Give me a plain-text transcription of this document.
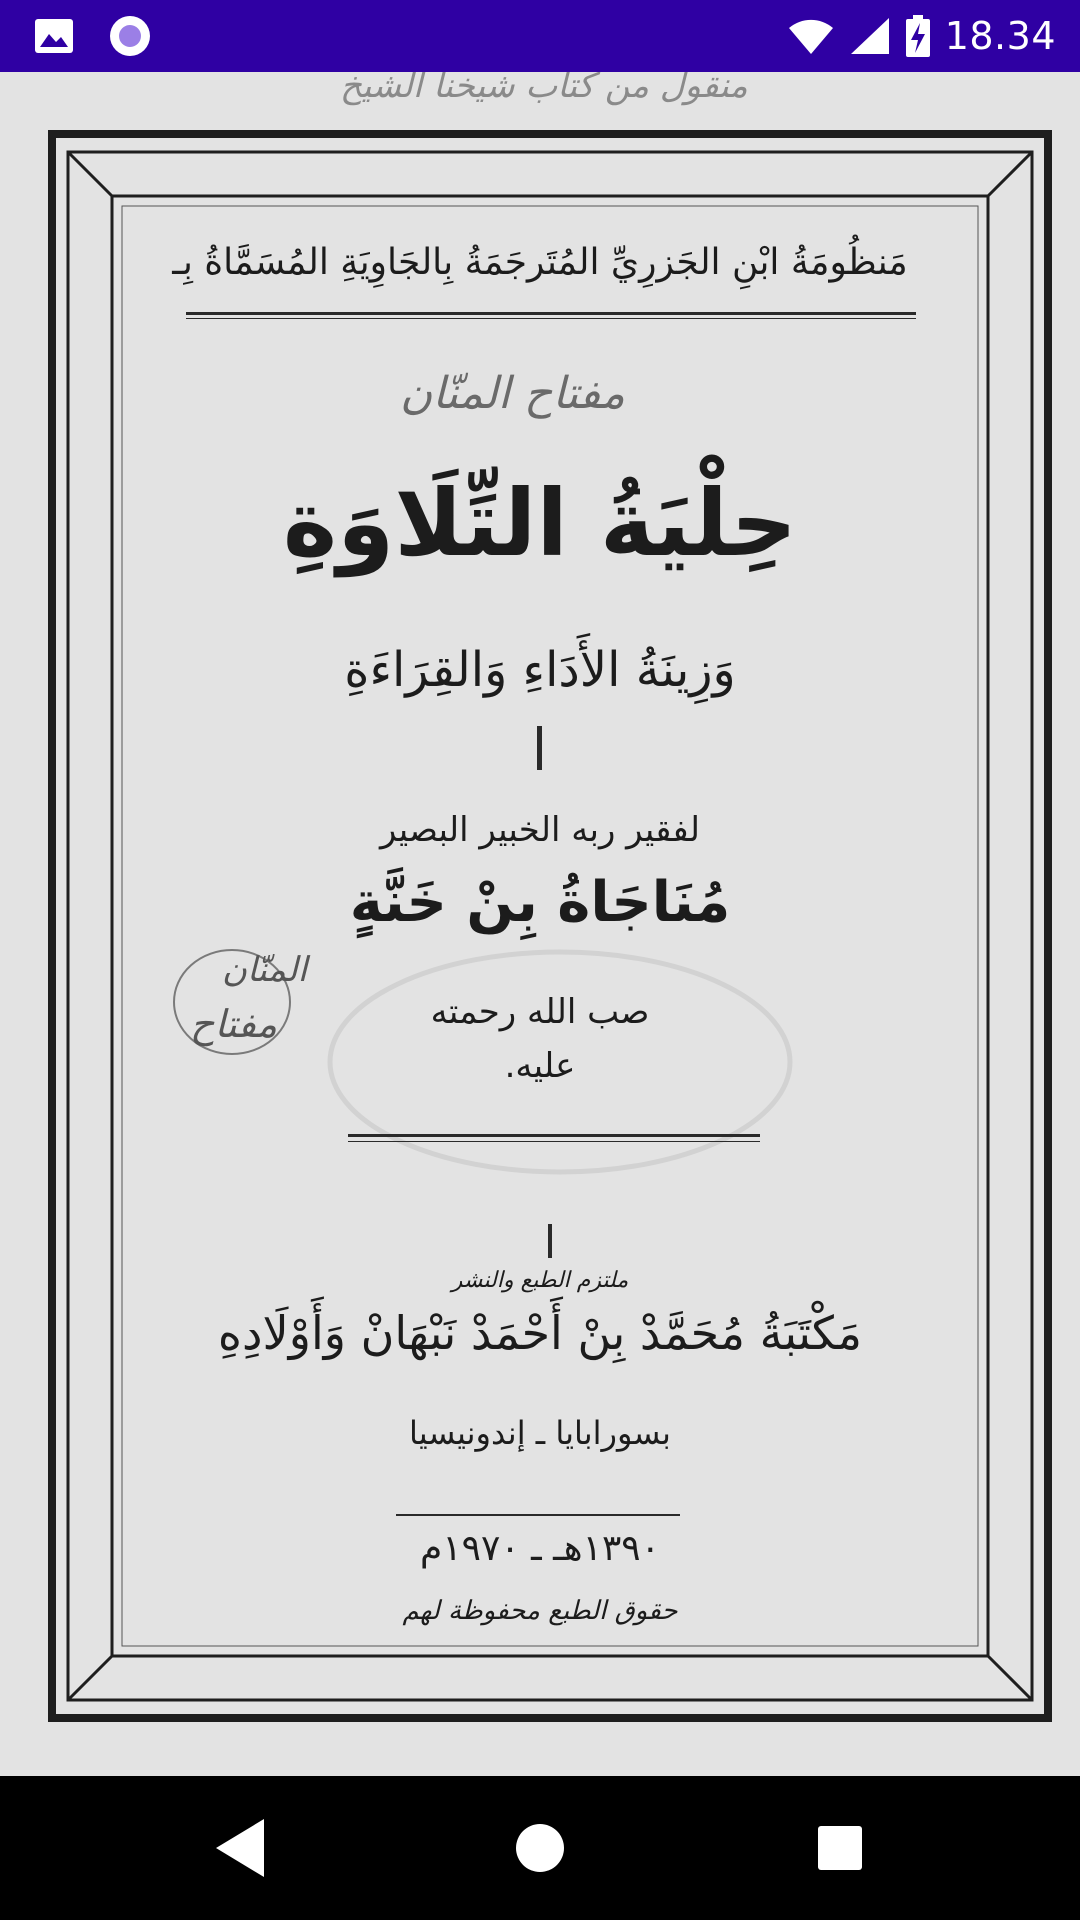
18.34
منقول من كتاب شيخنا الشيخ
مَنظُومَةُ ابْنِ الجَزرِيِّ المُتَرجَمَةُ بِالجَاوِيَةِ المُسَمَّاةُ بِـ
مفتاح المنّان
حِلْيَةُ التِّلَاوَةِ
وَزِينَةُ الأَدَاءِ وَالقِرَاءَةِ
لفقير ربه الخبير البصير
مُنَاجَاةُ بِنْ خَنَّةٍ
المنّان
مفتاح	صب الله رحمته
عليه.
ملتزم الطبع والنشر
مَكْتَبَةُ مُحَمَّدْ بِنْ أَحْمَدْ نَبْهَانْ وَأَوْلَادِهِ
بسورابايا ـ إندونيسيا
١٣٩٠هـ ـ ١٩٧٠م
حقوق الطبع محفوظة لهم
